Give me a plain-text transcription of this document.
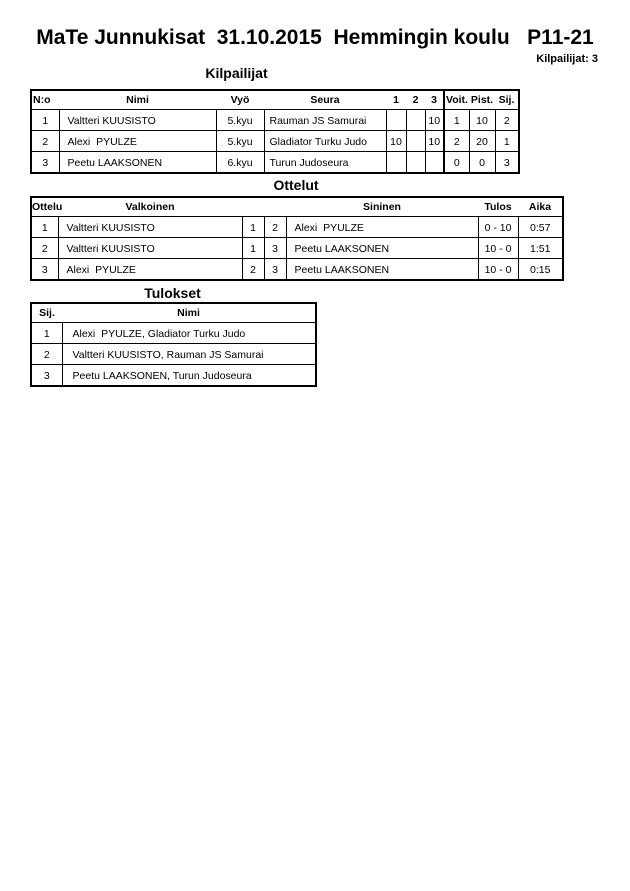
MaTe Junnukisat  31.10.2015  Hemmingin koulu   P11-21
Kilpailijat: 3
Kilpailijat
N:o	Nimi	Vyö	Seura	1	2	3	Voit.	Pist.	Sij.
1	Valtteri KUUSISTO	5.kyu	Rauman JS Samurai			10	1	10	2
2	Alexi  PYULZE	5.kyu	Gladiator Turku Judo	10		10	2	20	1
3	Peetu LAAKSONEN	6.kyu	Turun Judoseura				0	0	3
Ottelut
Ottelu	Valkoinen			Sininen	Tulos	Aika
1	Valtteri KUUSISTO	1	2	Alexi  PYULZE	0 - 10	0:57
2	Valtteri KUUSISTO	1	3	Peetu LAAKSONEN	10 - 0	1:51
3	Alexi  PYULZE	2	3	Peetu LAAKSONEN	10 - 0	0:15
Tulokset
Sij.	Nimi
1	Alexi  PYULZE, Gladiator Turku Judo
2	Valtteri KUUSISTO, Rauman JS Samurai
3	Peetu LAAKSONEN, Turun Judoseura
